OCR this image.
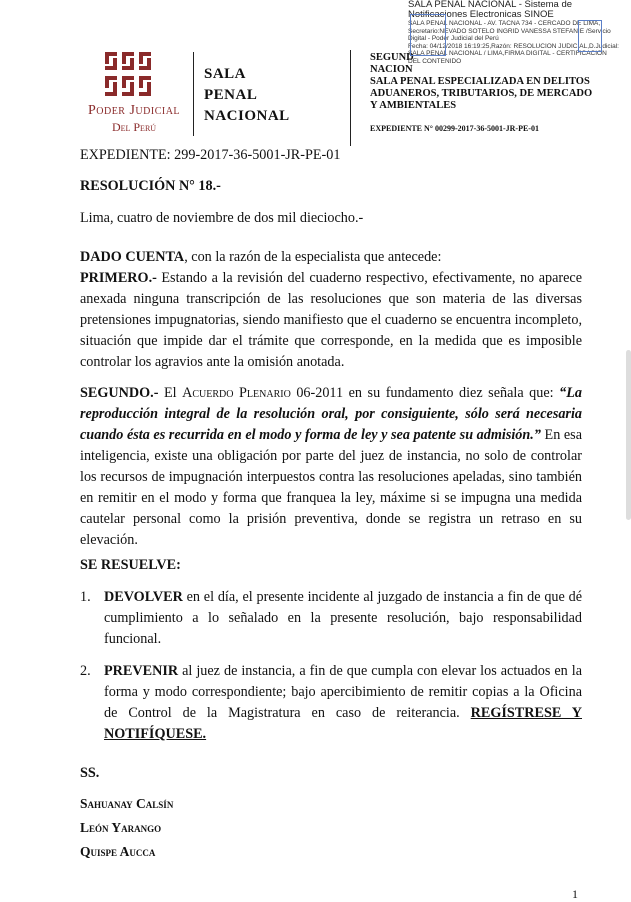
Poder Judicial
Del Perú
SALA
PENAL
NACIONAL
SEGUND
NACION
SALA PENAL ESPECIALIZADA EN DELITOS
ADUANEROS, TRIBUTARIOS, DE MERCADO
Y AMBIENTALES
EXPEDIENTE N° 00299-2017-36-5001-JR-PE-01
SALA PENAL NACIONAL - Sistema de Notificaciones Electronicas SINOE
SALA PENAL NACIONAL - AV. TACNA 734 - CERCADO DE LIMA,
Secretario:NEVADO SOTELO INGRID VANESSA STEFANIE /Servicio
Digital - Poder Judicial del Perú
Fecha: 04/12/2018 16:19:25,Razón: RESOLUCIÓN JUDICIAL,D.Judicial:
SALA PENAL NACIONAL / LIMA,FIRMA DIGITAL - CERTIFICACIÓN
DEL CONTENIDO
EXPEDIENTE: 299-2017-36-5001-JR-PE-01
RESOLUCIÓN N° 18.-
Lima, cuatro de noviembre de dos mil dieciocho.-
DADO CUENTA, con la razón de la especialista que antecede:
PRIMERO.- Estando a la revisión del cuaderno respectivo, efectivamente, no aparece anexada ninguna transcripción de las resoluciones que son materia de las diversas pretensiones impugnatorias, siendo manifiesto que el cuaderno se encuentra incompleto, situación que impide dar el trámite que corresponde, en la medida que es imposible controlar los agravios ante la omisión anotada.
SEGUNDO.- El Acuerdo Plenario 06-2011 en su fundamento diez señala que: “La reproducción integral de la resolución oral, por consiguiente, sólo será necesaria cuando ésta es recurrida en el modo y forma de ley y sea patente su admisión.” En esa inteligencia, existe una obligación por parte del juez de instancia, no solo de controlar los recursos de impugnación interpuestos contra las resoluciones apeladas, sino también en remitir en el modo y forma que franquea la ley, máxime si se impugna una medida cautelar personal como la prisión preventiva, donde se registra un retraso en su elevación.
SE RESUELVE:
1. DEVOLVER en el día, el presente incidente al juzgado de instancia a fin de que dé cumplimiento a lo señalado en la presente resolución, bajo responsabilidad funcional.
2. PREVENIR al juez de instancia, a fin de que cumpla con elevar los actuados en la forma y modo correspondiente; bajo apercibimiento de remitir copias a la Oficina de Control de la Magistratura en caso de reiterancia. REGÍSTRESE Y NOTIFÍQUESE.
SS.
Sahuanay Calsín
León Yarango
Quispe Aucca
1
